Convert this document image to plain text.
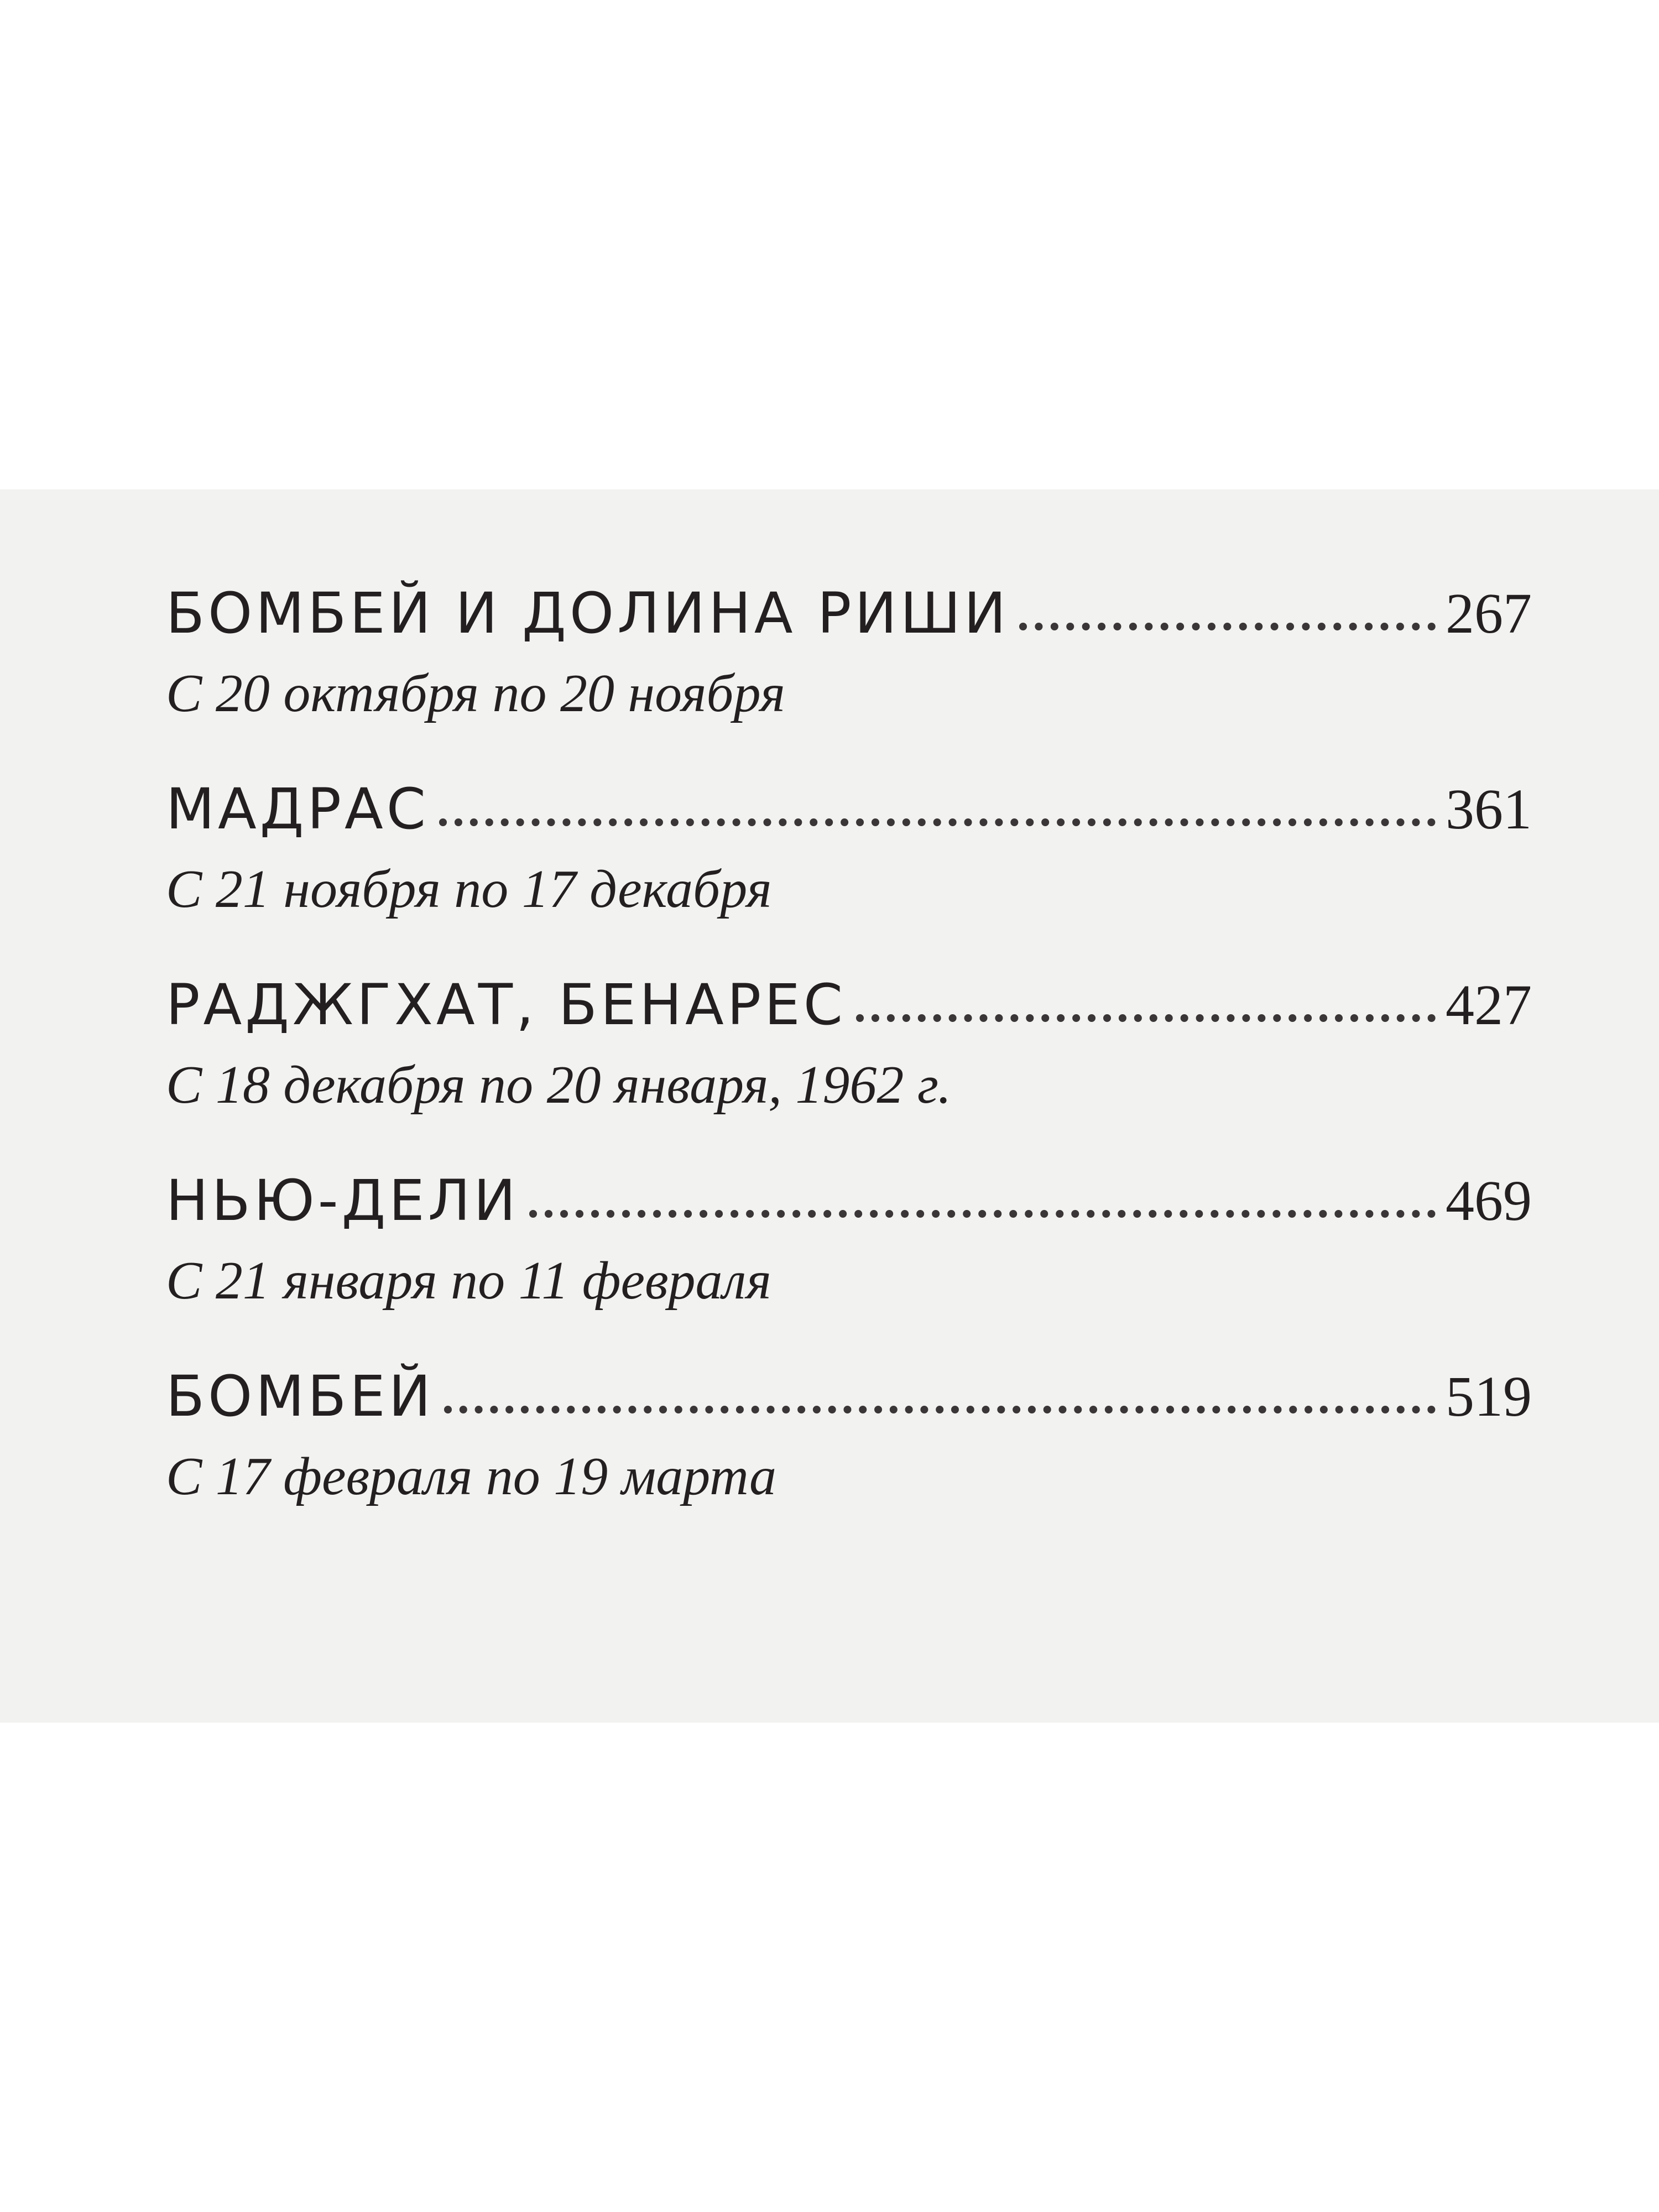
БОМБЕЙ И ДОЛИНА РИШИ	267
С 20 октября по 20 ноября
МАДРАС	361
С 21 ноября по 17 декабря
РАДЖГХАТ, БЕНАРЕС	427
С 18 декабря по 20 января, 1962 г.
НЬЮ-ДЕЛИ	469
С 21 января по 11 февраля
БОМБЕЙ	519
С 17 февраля по 19 марта
